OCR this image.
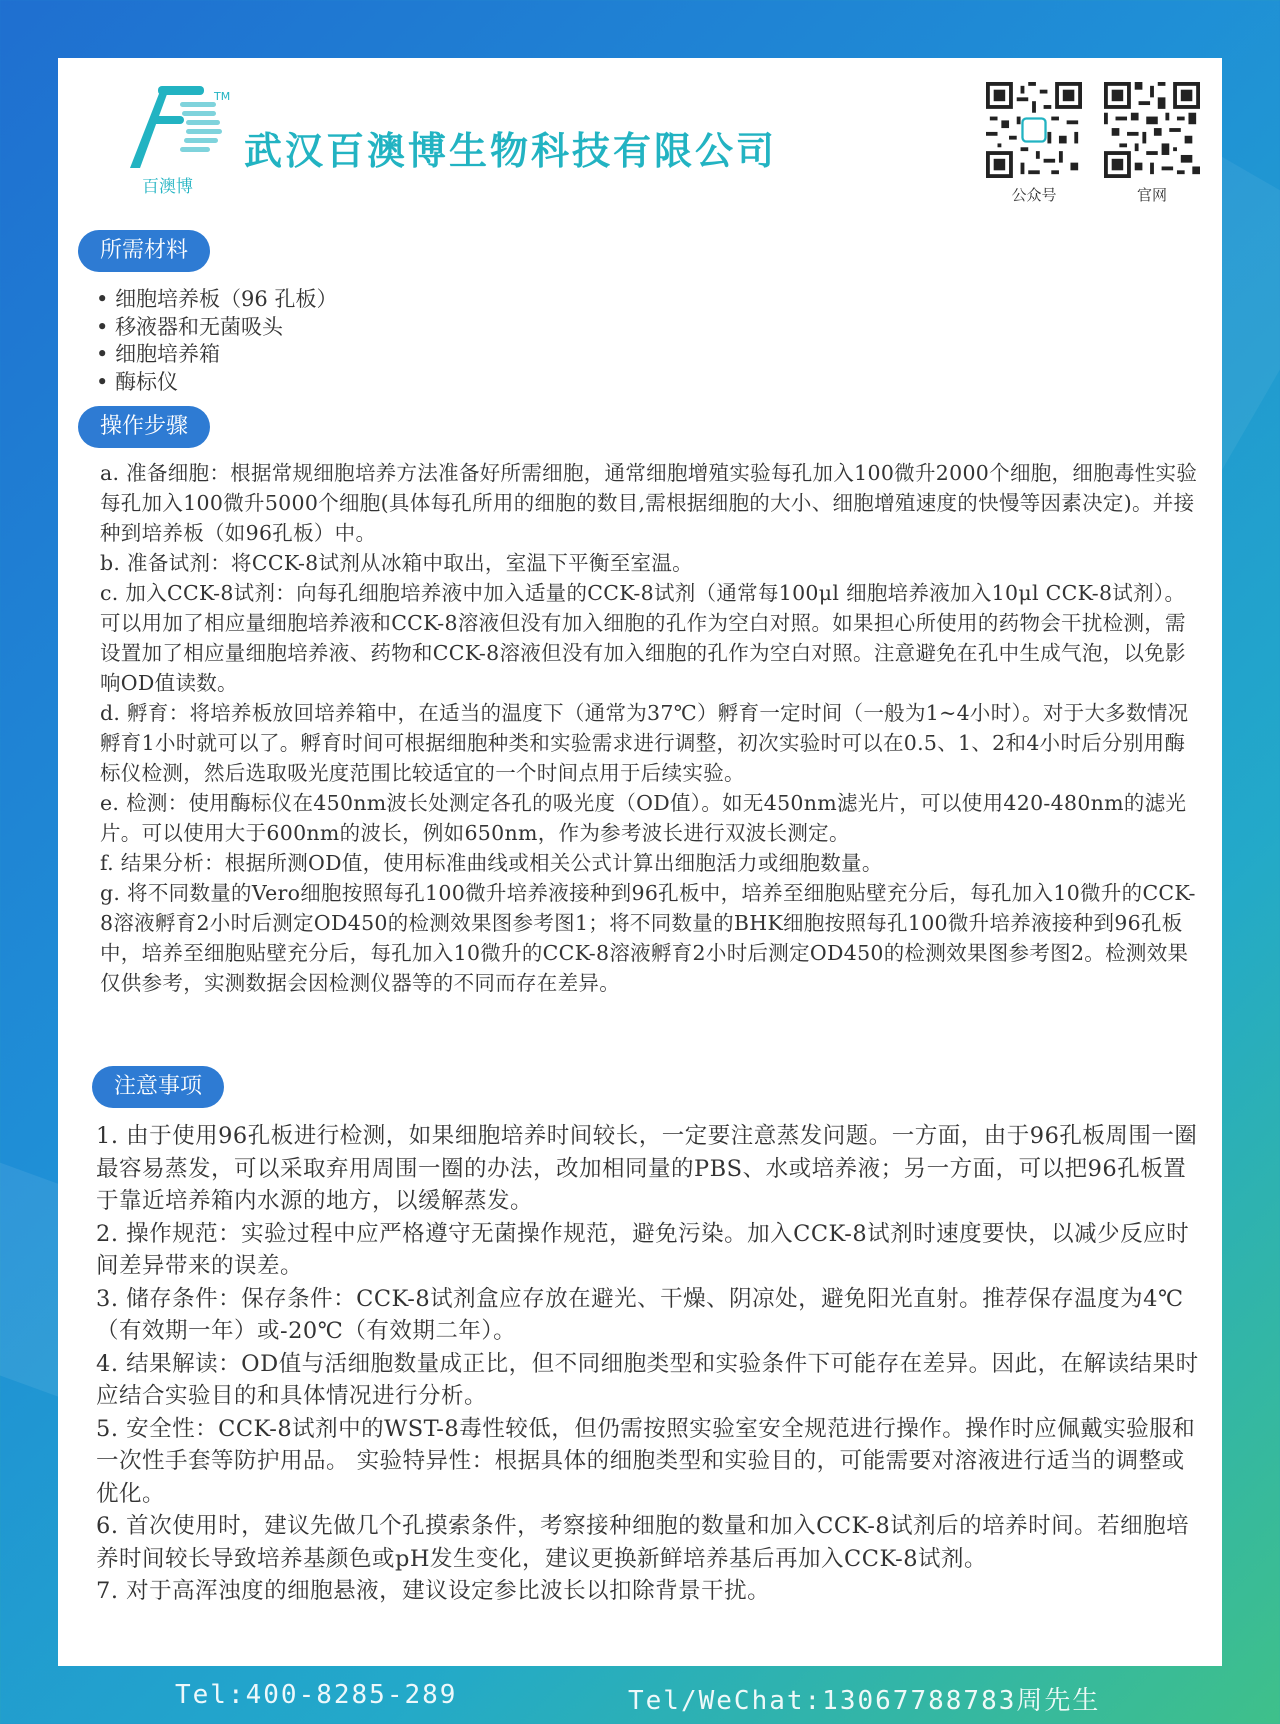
TM
百澳博
武汉百澳博生物科技有限公司
公众号	官网
所需材料
• 细胞培养板（96 孔板）
• 移液器和无菌吸头
• 细胞培养箱
• 酶标仪
操作步骤

a. 准备细胞：根据常规细胞培养方法准备好所需细胞，通常细胞增殖实验每孔加入100微升2000个细胞，细胞毒性实验每孔加入100微升5000个细胞(具体每孔所用的细胞的数目,需根据细胞的大小、细胞增殖速度的快慢等因素决定)。并接种到培养板（如96孔板）中。

b. 准备试剂：将CCK-8试剂从冰箱中取出，室温下平衡至室温。

c. 加入CCK-8试剂：向每孔细胞培养液中加入适量的CCK-8试剂（通常每100μl 细胞培养液加入10μl CCK-8试剂）。可以用加了相应量细胞培养液和CCK-8溶液但没有加入细胞的孔作为空白对照。如果担心所使用的药物会干扰检测，需设置加了相应量细胞培养液、药物和CCK-8溶液但没有加入细胞的孔作为空白对照。注意避免在孔中生成气泡，以免影响OD值读数。

d. 孵育：将培养板放回培养箱中，在适当的温度下（通常为37℃）孵育一定时间（一般为1~4小时）。对于大多数情况孵育1小时就可以了。孵育时间可根据细胞种类和实验需求进行调整，初次实验时可以在0.5、1、2和4小时后分别用酶标仪检测，然后选取吸光度范围比较适宜的一个时间点用于后续实验。

e. 检测：使用酶标仪在450nm波长处测定各孔的吸光度（OD值）。如无450nm滤光片，可以使用420-480nm的滤光片。可以使用大于600nm的波长，例如650nm，作为参考波长进行双波长测定。

f. 结果分析：根据所测OD值，使用标准曲线或相关公式计算出细胞活力或细胞数量。

g. 将不同数量的Vero细胞按照每孔100微升培养液接种到96孔板中，培养至细胞贴壁充分后，每孔加入10微升的CCK-8溶液孵育2小时后测定OD450的检测效果图参考图1；将不同数量的BHK细胞按照每孔100微升培养液接种到96孔板中，培养至细胞贴壁充分后，每孔加入10微升的CCK-8溶液孵育2小时后测定OD450的检测效果图参考图2。检测效果仅供参考，实测数据会因检测仪器等的不同而存在差异。

注意事项

1. 由于使用96孔板进行检测，如果细胞培养时间较长，一定要注意蒸发问题。一方面，由于96孔板周围一圈最容易蒸发，可以采取弃用周围一圈的办法，改加相同量的PBS、水或培养液；另一方面，可以把96孔板置于靠近培养箱内水源的地方，以缓解蒸发。

2. 操作规范：实验过程中应严格遵守无菌操作规范，避免污染。加入CCK-8试剂时速度要快，以减少反应时间差异带来的误差。

3. 储存条件：保存条件：CCK-8试剂盒应存放在避光、干燥、阴凉处，避免阳光直射。推荐保存温度为4℃（有效期一年）或-20℃（有效期二年）。

4. 结果解读：OD值与活细胞数量成正比，但不同细胞类型和实验条件下可能存在差异。因此，在解读结果时应结合实验目的和具体情况进行分析。

5. 安全性：CCK-8试剂中的WST-8毒性较低，但仍需按照实验室安全规范进行操作。操作时应佩戴实验服和一次性手套等防护用品。 实验特异性：根据具体的细胞类型和实验目的，可能需要对溶液进行适当的调整或优化。

6. 首次使用时，建议先做几个孔摸索条件，考察接种细胞的数量和加入CCK-8试剂后的培养时间。若细胞培养时间较长导致培养基颜色或pH发生变化，建议更换新鲜培养基后再加入CCK-8试剂。

7. 对于高浑浊度的细胞悬液，建议设定参比波长以扣除背景干扰。

Tel:400-8285-289	Tel/WeChat:13067788783周先生
